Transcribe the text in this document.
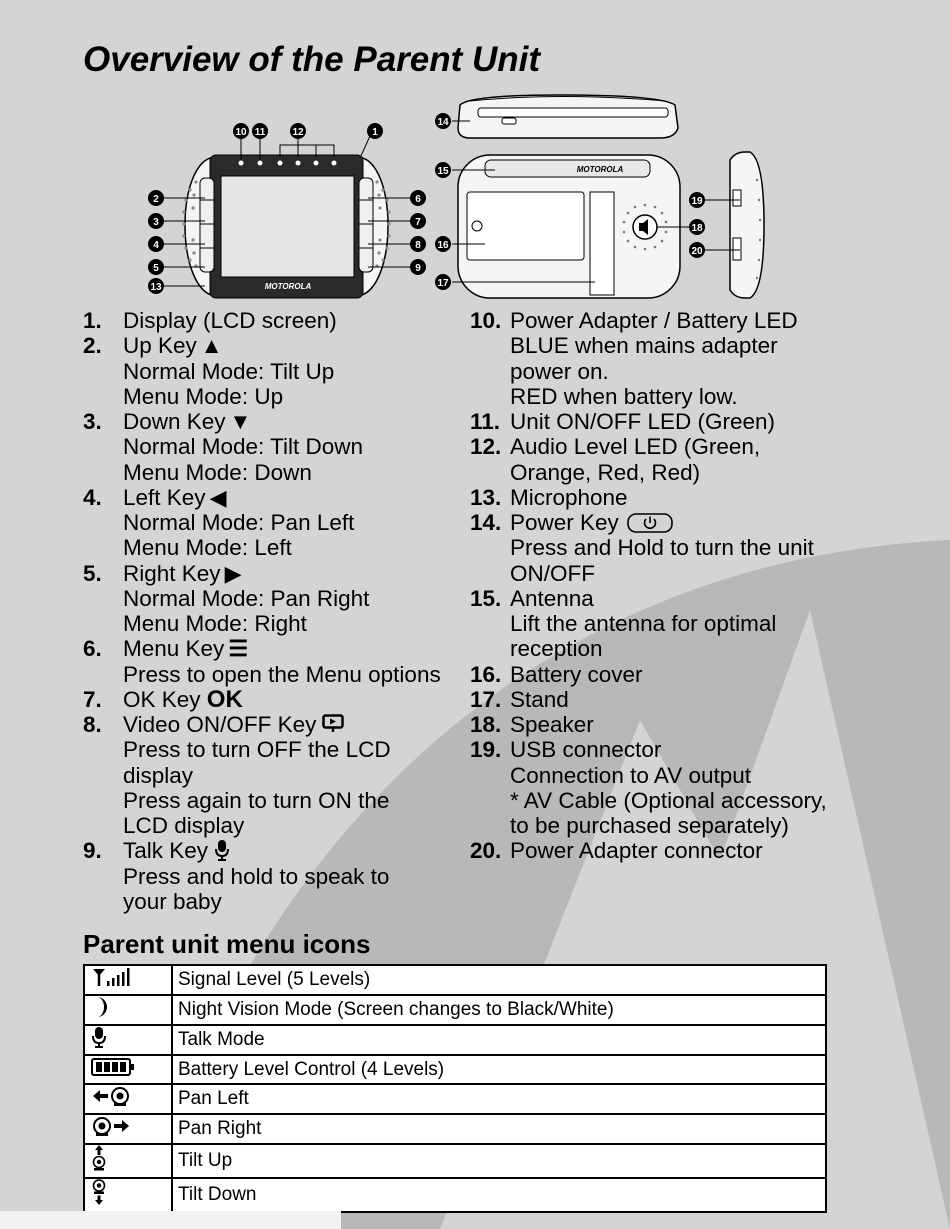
Overview of the Parent Unit
MOTOROLA
MOTOROLA
1
2
3
4
5
6
7
8
9
10 11	12
13
14
15
16
17
18
19
20
1. Display (LCD screen)
2. Up Key ▲
Normal Mode: Tilt Up
Menu Mode: Up
3. Down Key ▼
Normal Mode: Tilt Down
Menu Mode: Down
4. Left Key ◀
Normal Mode: Pan Left
Menu Mode: Left
5. Right Key ▶
Normal Mode: Pan Right
Menu Mode: Right
6. Menu Key ☰
Press to open the Menu options
7. OK Key OK
8. Video ON/OFF Key
Press to turn OFF the LCD
display
Press again to turn ON the
LCD display
9. Talk Key
Press and hold to speak to
your baby
10. Power Adapter / Battery LED
BLUE when mains adapter
power on.
RED when battery low.
11. Unit ON/OFF LED (Green)
12. Audio Level LED (Green,
Orange, Red, Red)
13. Microphone
14. Power Key
Press and Hold to turn the unit
ON/OFF
15. Antenna
Lift the antenna for optimal
reception
16. Battery cover
17. Stand
18. Speaker
19. USB connector
Connection to AV output
* AV Cable (Optional accessory,
to be purchased separately)
20. Power Adapter connector
Parent unit menu icons
	Signal Level (5 Levels)
	Night Vision Mode (Screen changes to Black/White)
	Talk Mode
	Battery Level Control (4 Levels)
	Pan Left
	Pan Right
	Tilt Up
	Tilt Down
